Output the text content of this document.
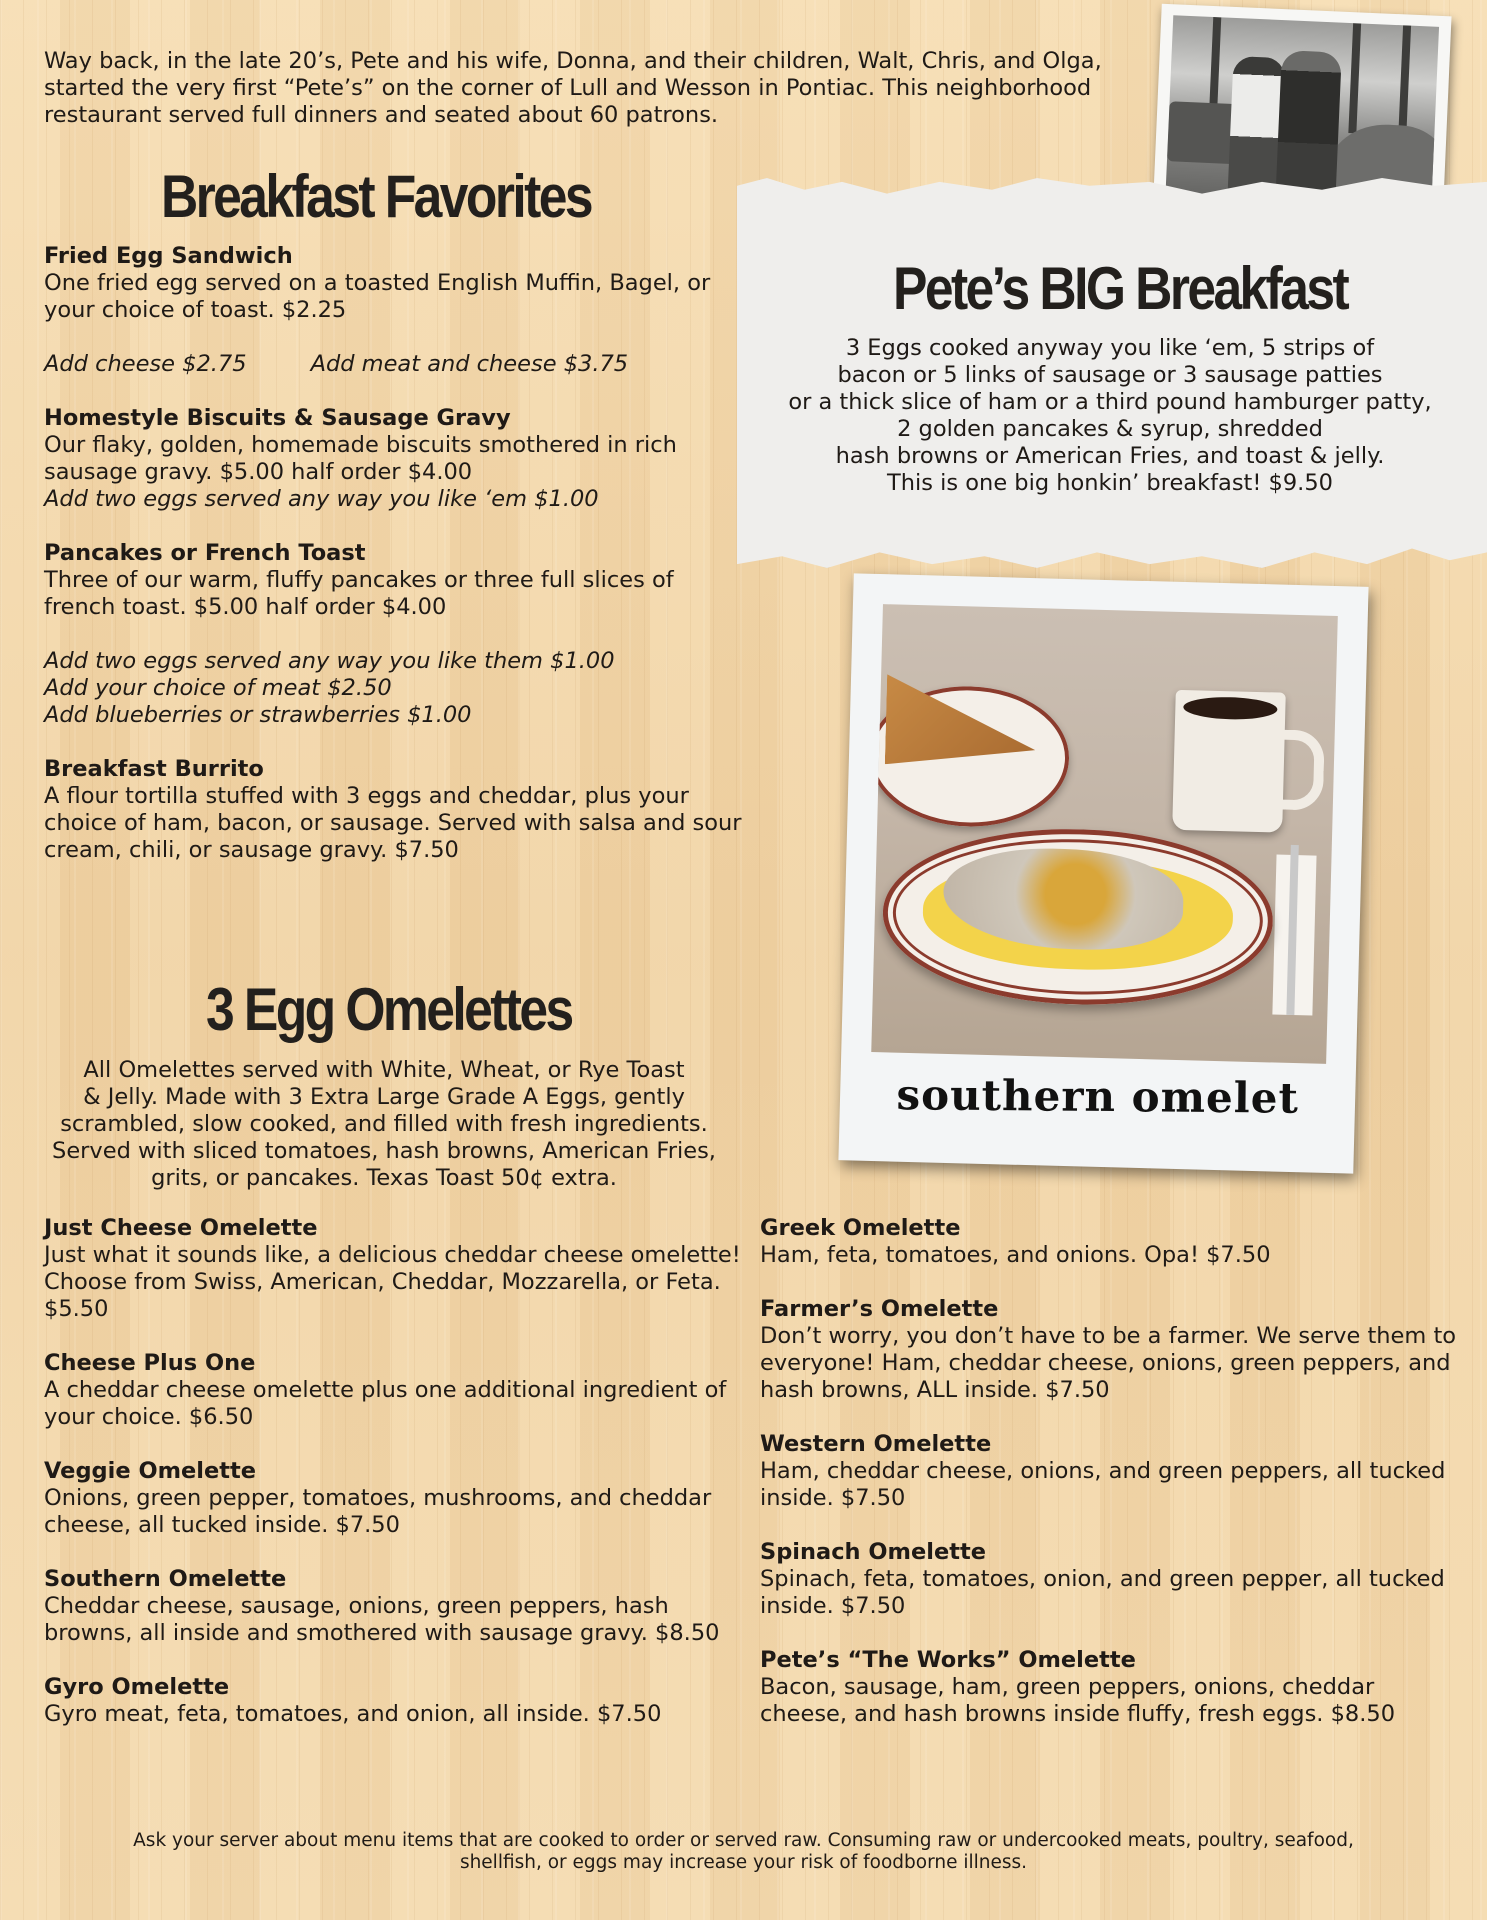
Way back, in the late 20’s, Pete and his wife, Donna, and their children, Walt, Chris, and Olga,
started the very first “Pete’s” on the corner of Lull and Wesson in Pontiac. This neighborhood
restaurant served full dinners and seated about 60 patrons.
Breakfast Favorites
Fried Egg Sandwich
One fried egg served on a toasted English Muffin, Bagel, or your choice of toast. $2.25
Add cheese $2.75	Add meat and cheese $3.75
Homestyle Biscuits & Sausage Gravy
Our flaky, golden, homemade biscuits smothered in rich sausage gravy. $5.00 half order $4.00
Add two eggs served any way you like ‘em $1.00
Pancakes or French Toast
Three of our warm, fluffy pancakes or three full slices of french toast. $5.00 half order $4.00
Add two eggs served any way you like them $1.00
Add your choice of meat $2.50
Add blueberries or strawberries $1.00
Breakfast Burrito
A flour tortilla stuffed with 3 eggs and cheddar, plus your choice of ham, bacon, or sausage. Served with salsa and sour cream, chili, or sausage gravy. $7.50
Pete’s BIG Breakfast
3 Eggs cooked anyway you like ‘em, 5 strips of
bacon or 5 links of sausage or 3 sausage patties
or a thick slice of ham or a third pound hamburger patty,
2 golden pancakes & syrup, shredded
hash browns or American Fries, and toast & jelly.
This is one big honkin’ breakfast! $9.50
southern omelet
3 Egg Omelettes
All Omelettes served with White, Wheat, or Rye Toast
& Jelly. Made with 3 Extra Large Grade A Eggs, gently
scrambled, slow cooked, and filled with fresh ingredients.
Served with sliced tomatoes, hash browns, American Fries,
grits, or pancakes. Texas Toast 50¢ extra.
Just Cheese Omelette
Just what it sounds like, a delicious cheddar cheese omelette! Choose from Swiss, American, Cheddar, Mozzarella, or Feta. $5.50
Cheese Plus One
A cheddar cheese omelette plus one additional ingredient of your choice. $6.50
Veggie Omelette
Onions, green pepper, tomatoes, mushrooms, and cheddar cheese, all tucked inside. $7.50
Southern Omelette
Cheddar cheese, sausage, onions, green peppers, hash browns, all inside and smothered with sausage gravy. $8.50
Gyro Omelette
Gyro meat, feta, tomatoes, and onion, all inside. $7.50
Greek Omelette
Ham, feta, tomatoes, and onions. Opa! $7.50
Farmer’s Omelette
Don’t worry, you don’t have to be a farmer. We serve them to everyone! Ham, cheddar cheese, onions, green peppers, and hash browns, ALL inside. $7.50
Western Omelette
Ham, cheddar cheese, onions, and green peppers, all tucked inside. $7.50
Spinach Omelette
Spinach, feta, tomatoes, onion, and green pepper, all tucked inside. $7.50
Pete’s “The Works” Omelette
Bacon, sausage, ham, green peppers, onions, cheddar cheese, and hash browns inside fluffy, fresh eggs. $8.50
Ask your server about menu items that are cooked to order or served raw. Consuming raw or undercooked meats, poultry, seafood,
shellfish, or eggs may increase your risk of foodborne illness.
